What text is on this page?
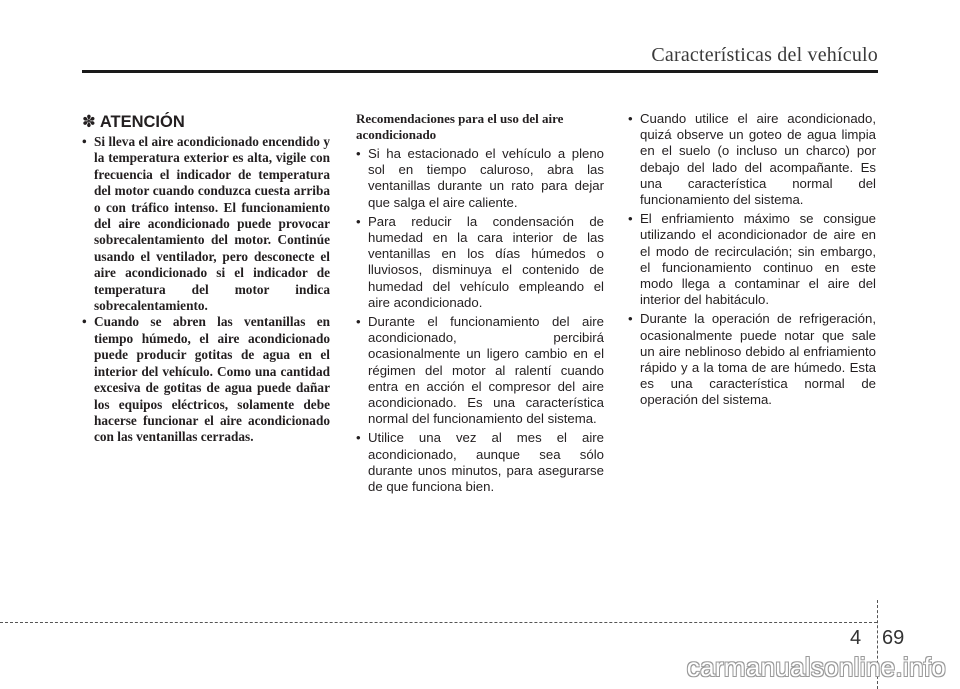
Características del vehículo
✽ ATENCIÓN
• Si lleva el aire acondicionado encendido y la temperatura exterior es alta, vigile con frecuencia el indicador de temperatura del motor cuando conduzca cuesta arriba o con tráfico intenso. El funcionamiento del aire acondicionado puede provocar sobrecalentamiento del motor. Continúe usando el ventilador, pero desconecte el aire acondicionado si el indicador de temperatura del motor indica sobrecalentamiento.
• Cuando se abren las ventanillas en tiempo húmedo, el aire acondicionado puede producir gotitas de agua en el interior del vehículo. Como una cantidad excesiva de gotitas de agua puede dañar los equipos eléctricos, solamente debe hacerse funcionar el aire acondicionado con las ventanillas cerradas.
Recomendaciones para el uso del aire acondicionado
• Si ha estacionado el vehículo a pleno sol en tiempo caluroso, abra las ventanillas durante un rato para dejar que salga el aire caliente.
• Para reducir la condensación de humedad en la cara interior de las ventanillas en los días húmedos o lluviosos, disminuya el contenido de humedad del vehículo empleando el aire acondicionado.
• Durante el funcionamiento del aire acondicionado, percibirá ocasionalmente un ligero cambio en el régimen del motor al ralentí cuando entra en acción el compresor del aire acondicionado. Es una característica normal del funcionamiento del sistema.
• Utilice una vez al mes el aire acondicionado, aunque sea sólo durante unos minutos, para asegurarse de que funciona bien.
• Cuando utilice el aire acondicionado, quizá observe un goteo de agua limpia en el suelo (o incluso un charco) por debajo del lado del acompañante. Es una característica normal del funcionamiento del sistema.
• El enfriamiento máximo se consigue utilizando el acondicionador de aire en el modo de recirculación; sin embargo, el funcionamiento continuo en este modo llega a contaminar el aire del interior del habitáculo.
• Durante la operación de refrigeración, ocasionalmente puede notar que sale un aire neblinoso debido al enfriamiento rápido y a la toma de are húmedo. Esta es una característica normal de operación del sistema.
4 69
carmanualsonline.info
